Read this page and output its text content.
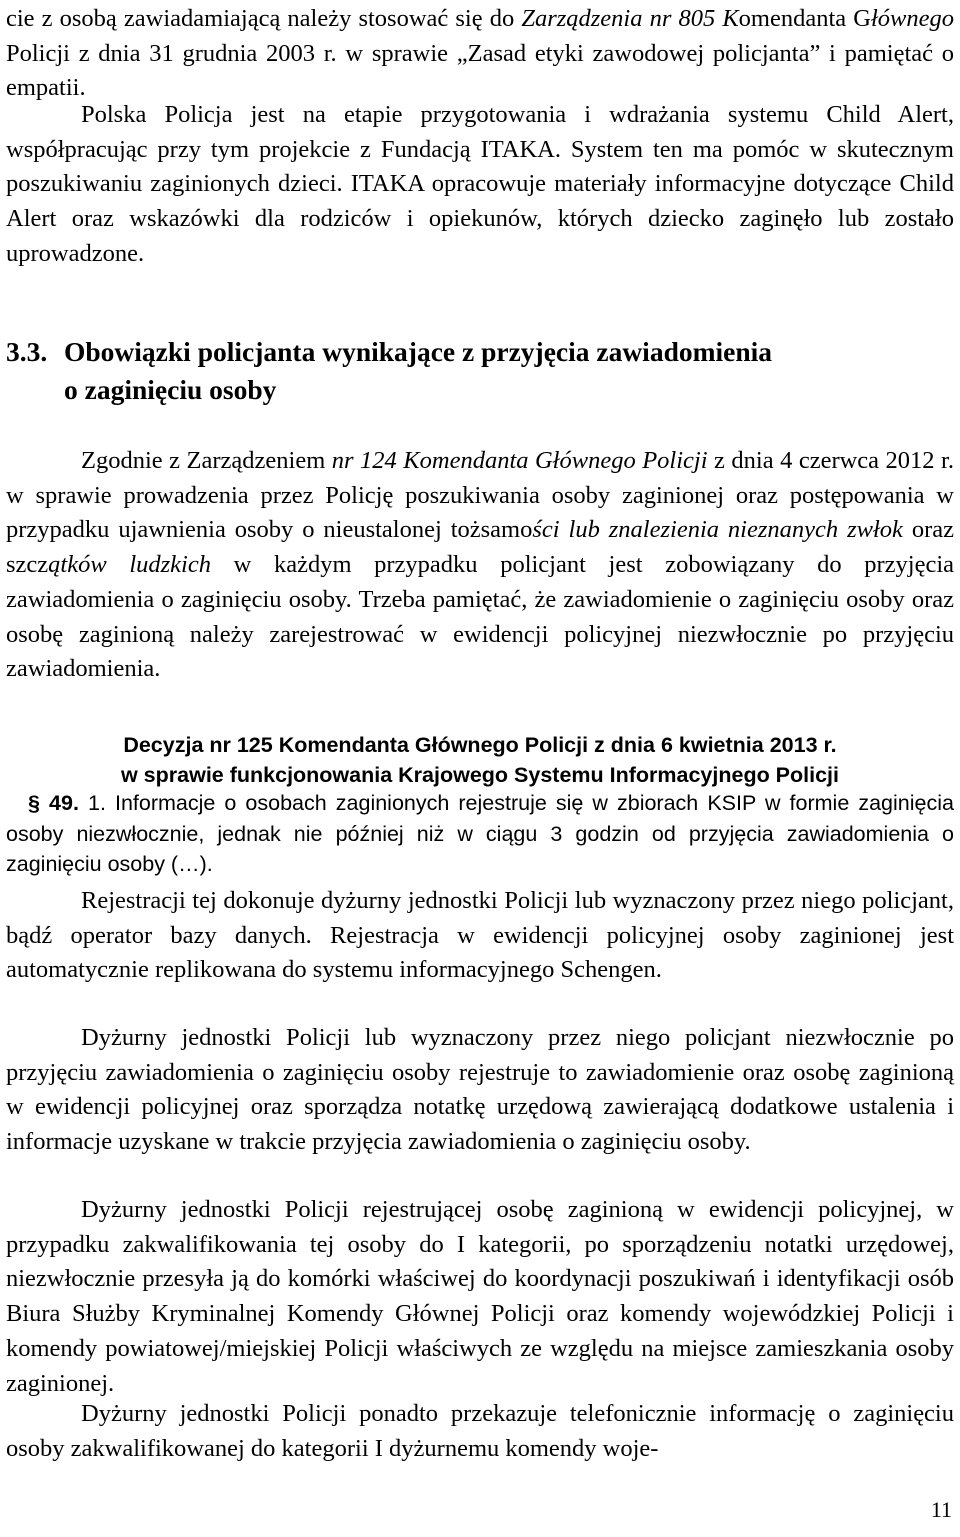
cie z osobą zawiadamiającą należy stosować się do Zarządzenia nr 805 Komendanta Głównego Policji z dnia 31 grudnia 2003 r. w sprawie „Zasad etyki zawodowej policjanta” i pamiętać o empatii.
Polska Policja jest na etapie przygotowania i wdrażania systemu Child Alert, współpracując przy tym projekcie z Fundacją ITAKA. System ten ma pomóc w skutecznym poszukiwaniu zaginionych dzieci. ITAKA opracowuje materiały informacyjne dotyczące Child Alert oraz wskazówki dla rodziców i opiekunów, których dziecko zaginęło lub zostało uprowadzone.
3.3. Obowiązki policjanta wynikające z przyjęcia zawiadomienia
o zaginięciu osoby
Zgodnie z Zarządzeniem nr 124 Komendanta Głównego Policji z dnia 4 czerwca 2012 r. w sprawie prowadzenia przez Policję poszukiwania osoby zaginionej oraz postępowania w przypadku ujawnienia osoby o nieustalonej tożsamości lub znalezienia nieznanych zwłok oraz szczątków ludzkich w każdym przypadku policjant jest zobowiązany do przyjęcia zawiadomienia o zaginięciu osoby. Trzeba pamiętać, że zawiadomienie o zaginięciu osoby oraz osobę zaginioną należy zarejestrować w ewidencji policyjnej niezwłocznie po przyjęciu zawiadomienia.
Decyzja nr 125 Komendanta Głównego Policji z dnia 6 kwietnia 2013 r.
w sprawie funkcjonowania Krajowego Systemu Informacyjnego Policji
§ 49. 1. Informacje o osobach zaginionych rejestruje się w zbiorach KSIP w formie zaginięcia osoby niezwłocznie, jednak nie później niż w ciągu 3 godzin od przyjęcia zawiadomienia o zaginięciu osoby (…).
Rejestracji tej dokonuje dyżurny jednostki Policji lub wyznaczony przez niego policjant, bądź operator bazy danych. Rejestracja w ewidencji policyjnej osoby zaginionej jest automatycznie replikowana do systemu informacyjnego Schengen.
Dyżurny jednostki Policji lub wyznaczony przez niego policjant niezwłocznie po przyjęciu zawiadomienia o zaginięciu osoby rejestruje to zawiadomienie oraz osobę zaginioną w ewidencji policyjnej oraz sporządza notatkę urzędową zawierającą dodatkowe ustalenia i informacje uzyskane w trakcie przyjęcia zawiadomienia o zaginięciu osoby.
Dyżurny jednostki Policji rejestrującej osobę zaginioną w ewidencji policyjnej, w przypadku zakwalifikowania tej osoby do I kategorii, po sporządzeniu notatki urzędowej, niezwłocznie przesyła ją do komórki właściwej do koordynacji poszukiwań i identyfikacji osób Biura Służby Kryminalnej Komendy Głównej Policji oraz komendy wojewódzkiej Policji i komendy powiatowej/miejskiej Policji właściwych ze względu na miejsce zamieszkania osoby zaginionej.
Dyżurny jednostki Policji ponadto przekazuje telefonicznie informację o zaginięciu osoby zakwalifikowanej do kategorii I dyżurnemu komendy woje-
11
